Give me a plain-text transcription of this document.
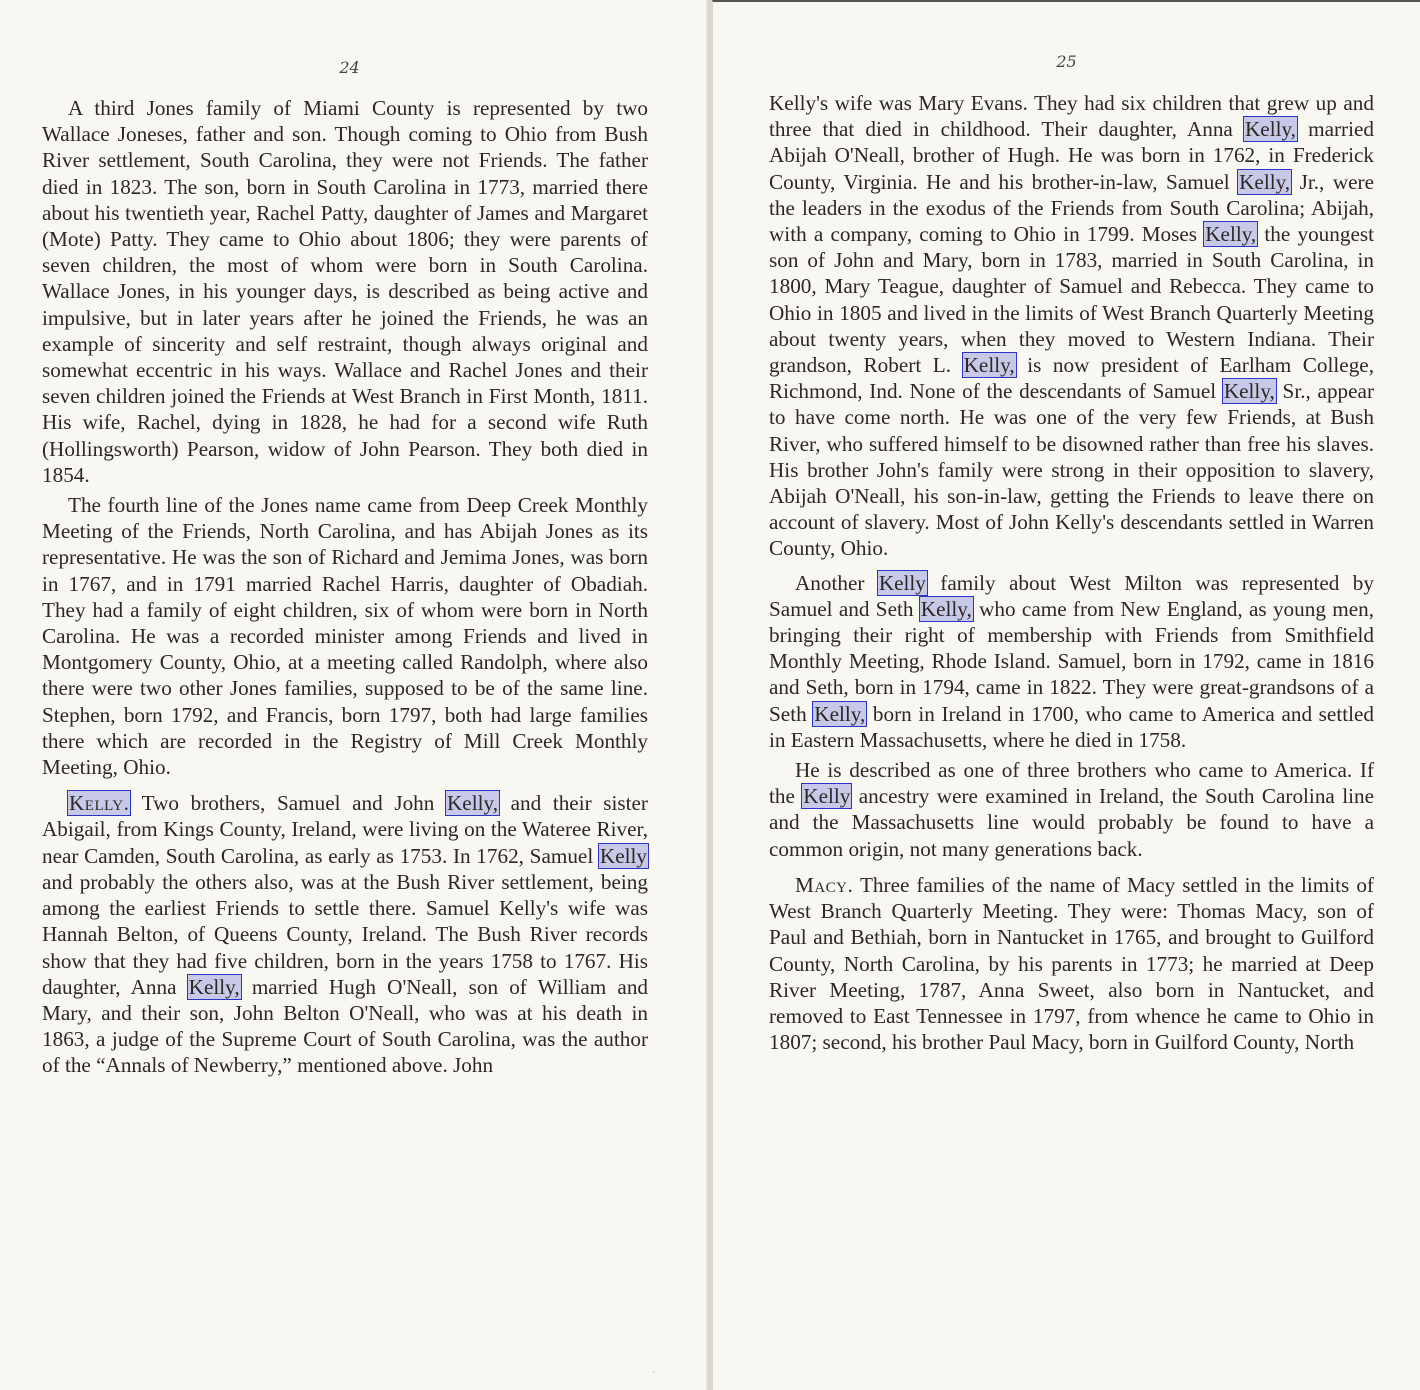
24

A third Jones family of Miami County is represented by two Wallace Joneses, father and son. Though coming to Ohio from Bush River settlement, South Carolina, they were not Friends. The father died in 1823. The son, born in South Carolina in 1773, married there about his twentieth year, Rachel Patty, daughter of James and Margaret (Mote) Patty. They came to Ohio about 1806; they were parents of seven children, the most of whom were born in South Carolina. Wallace Jones, in his younger days, is described as being active and impulsive, but in later years after he joined the Friends, he was an example of sincerity and self restraint, though always original and somewhat eccentric in his ways. Wallace and Rachel Jones and their seven children joined the Friends at West Branch in First Month, 1811. His wife, Rachel, dying in 1828, he had for a second wife Ruth (Hollingsworth) Pearson, widow of John Pearson. They both died in 1854.

The fourth line of the Jones name came from Deep Creek Monthly Meeting of the Friends, North Carolina, and has Abijah Jones as its representative. He was the son of Richard and Jemima Jones, was born in 1767, and in 1791 married Rachel Harris, daughter of Obadiah. They had a family of eight children, six of whom were born in North Carolina. He was a recorded minister among Friends and lived in Montgomery County, Ohio, at a meeting called Randolph, where also there were two other Jones families, supposed to be of the same line. Stephen, born 1792, and Francis, born 1797, both had large families there which are recorded in the Registry of Mill Creek Monthly Meeting, Ohio.

Kelly. Two brothers, Samuel and John Kelly, and their sister Abigail, from Kings County, Ireland, were living on the Wateree River, near Camden, South Carolina, as early as 1753. In 1762, Samuel Kelly and probably the others also, was at the Bush River settlement, being among the earliest Friends to settle there. Samuel Kelly's wife was Hannah Belton, of Queens County, Ireland. The Bush River records show that they had five children, born in the years 1758 to 1767. His daughter, Anna Kelly, married Hugh O'Neall, son of William and Mary, and their son, John Belton O'Neall, who was at his death in 1863, a judge of the Supreme Court of South Carolina, was the author of the “Annals of Newberry,” mentioned above. John

·
25

Kelly's wife was Mary Evans. They had six children that grew up and three that died in childhood. Their daughter, Anna Kelly, married Abijah O'Neall, brother of Hugh. He was born in 1762, in Frederick County, Virginia. He and his brother-in-law, Samuel Kelly, Jr., were the leaders in the exodus of the Friends from South Carolina; Abijah, with a company, coming to Ohio in 1799. Moses Kelly, the youngest son of John and Mary, born in 1783, married in South Carolina, in 1800, Mary Teague, daughter of Samuel and Rebecca. They came to Ohio in 1805 and lived in the limits of West Branch Quarterly Meeting about twenty years, when they moved to Western Indiana. Their grandson, Robert L. Kelly, is now president of Earlham College, Richmond, Ind. None of the descendants of Samuel Kelly, Sr., appear to have come north. He was one of the very few Friends, at Bush River, who suffered himself to be disowned rather than free his slaves. His brother John's family were strong in their opposition to slavery, Abijah O'Neall, his son-in-law, getting the Friends to leave there on account of slavery. Most of John Kelly's descendants settled in Warren County, Ohio.

Another Kelly family about West Milton was represented by Samuel and Seth Kelly, who came from New England, as young men, bringing their right of membership with Friends from Smithfield Monthly Meeting, Rhode Island. Samuel, born in 1792, came in 1816 and Seth, born in 1794, came in 1822. They were great-grandsons of a Seth Kelly, born in Ireland in 1700, who came to America and settled in Eastern Massachusetts, where he died in 1758.

He is described as one of three brothers who came to America. If the Kelly ancestry were examined in Ireland, the South Carolina line and the Massachusetts line would probably be found to have a common origin, not many generations back.

Macy. Three families of the name of Macy settled in the limits of West Branch Quarterly Meeting. They were: Thomas Macy, son of Paul and Bethiah, born in Nantucket in 1765, and brought to Guilford County, North Carolina, by his parents in 1773; he married at Deep River Meeting, 1787, Anna Sweet, also born in Nantucket, and removed to East Tennessee in 1797, from whence he came to Ohio in 1807; second, his brother Paul Macy, born in Guilford County, North
